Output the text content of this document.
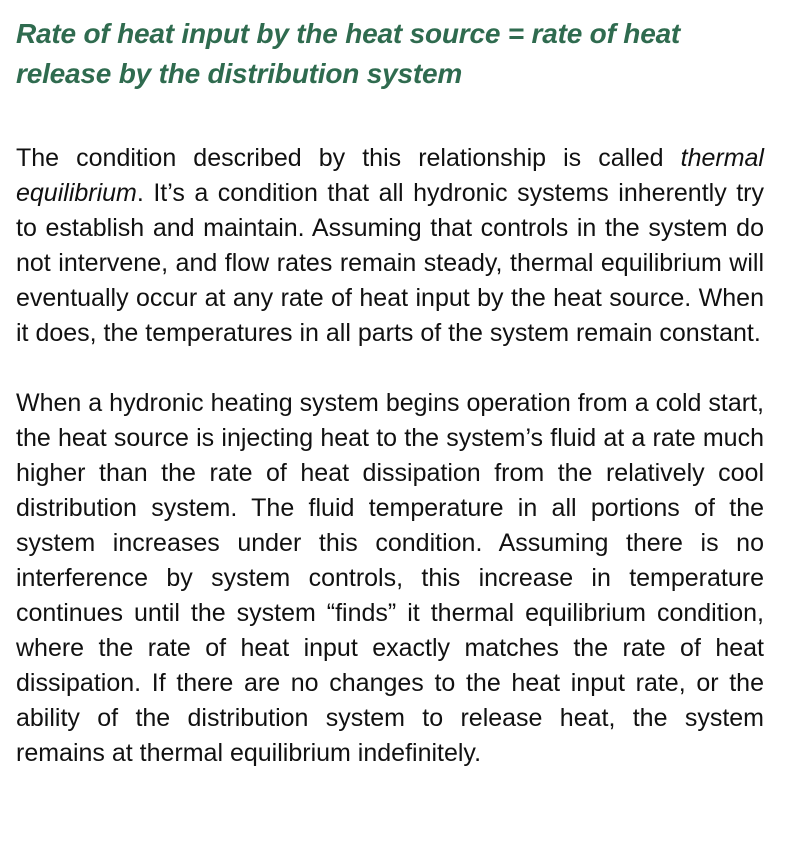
Rate of heat input by the heat source = rate of heat release by the distribution system

The condition described by this relationship is called thermal equilibrium. It’s a condition that all hydronic systems inherently try to establish and maintain. Assuming that controls in the system do not intervene, and flow rates remain steady, thermal equilibrium will eventually occur at any rate of heat input by the heat source. When it does, the temperatures in all parts of the system remain constant.

When a hydronic heating system begins operation from a cold start, the heat source is injecting heat to the system’s fluid at a rate much higher than the rate of heat dissipation from the relatively cool distribution system. The fluid temperature in all portions of the system increases under this condition. Assuming there is no interference by system controls, this increase in temperature continues until the system “finds” it thermal equilibrium condition, where the rate of heat input exactly matches the rate of heat dissipation. If there are no changes to the heat input rate, or the ability of the distribution system to release heat, the system remains at thermal equilibrium indefinitely.
